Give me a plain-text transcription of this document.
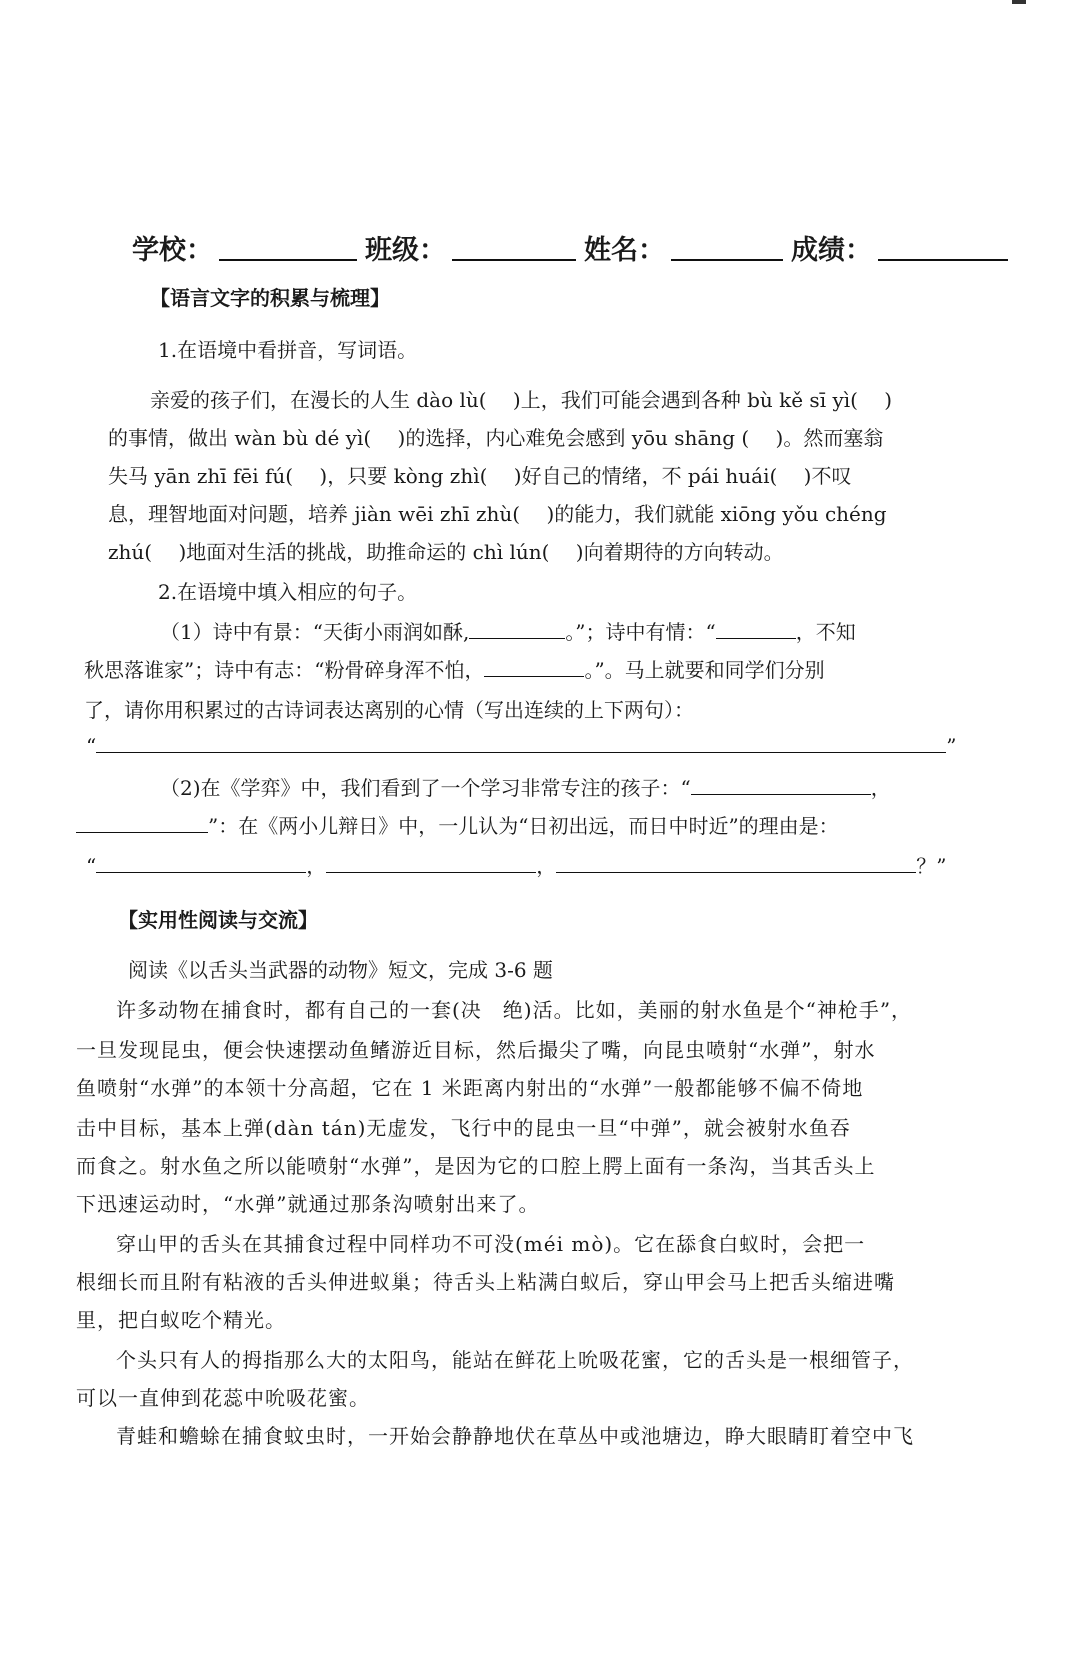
学校：	班级：	姓名：	成绩：
【语言文字的积累与梳理】
1.在语境中看拼音，写词语。
亲爱的孩子们，在漫长的人生 dào lù(　 )上，我们可能会遇到各种 bù kě sī yì(　 )
的事情，做出 wàn bù dé yì(　 )的选择，内心难免会感到 yōu shāng (　 )。然而塞翁
失马 yān zhī fēi fú(　 )，只要 kòng zhì(　 )好自己的情绪，不 pái huái(　 )不叹
息，理智地面对问题，培养 jiàn wēi zhī zhù(　 )的能力，我们就能 xiōng yǒu chéng
zhú(　 )地面对生活的挑战，助推命运的 chì lún(　 )向着期待的方向转动。
2.在语境中填入相应的句子。
（1）诗中有景：“天街小雨润如酥,	。”；诗中有情：“	，不知
秋思落谁家”；诗中有志：“粉骨碎身浑不怕，	。”。马上就要和同学们分别
了，请你用积累过的古诗词表达离别的心情（写出连续的上下两句）：
“	”
（2)在《学弈》中，我们看到了一个学习非常专注的孩子：“	，
”：在《两小儿辩日》中，一儿认为“日初出远，而日中时近”的理由是：
“	，	，	？”
【实用性阅读与交流】
阅读《以舌头当武器的动物》短文，完成 3-6 题
许多动物在捕食时，都有自己的一套(决　绝)活。比如，美丽的射水鱼是个“神枪手”，
一旦发现昆虫，便会快速摆动鱼鳍游近目标，然后撮尖了嘴，向昆虫喷射“水弹”，射水
鱼喷射“水弹”的本领十分高超，它在 1 米距离内射出的“水弹”一般都能够不偏不倚地
击中目标，基本上弹(dàn tán)无虚发，飞行中的昆虫一旦“中弹”，就会被射水鱼吞
而食之。射水鱼之所以能喷射“水弹”，是因为它的口腔上腭上面有一条沟，当其舌头上
下迅速运动时，“水弹”就通过那条沟喷射出来了。
穿山甲的舌头在其捕食过程中同样功不可没(méi mò)。它在舔食白蚁时，会把一
根细长而且附有粘液的舌头伸进蚁巢；待舌头上粘满白蚁后，穿山甲会马上把舌头缩进嘴
里，把白蚁吃个精光。
个头只有人的拇指那么大的太阳鸟，能站在鲜花上吮吸花蜜，它的舌头是一根细管子，
可以一直伸到花蕊中吮吸花蜜。
青蛙和蟾蜍在捕食蚊虫时，一开始会静静地伏在草丛中或池塘边，睁大眼睛盯着空中飞
